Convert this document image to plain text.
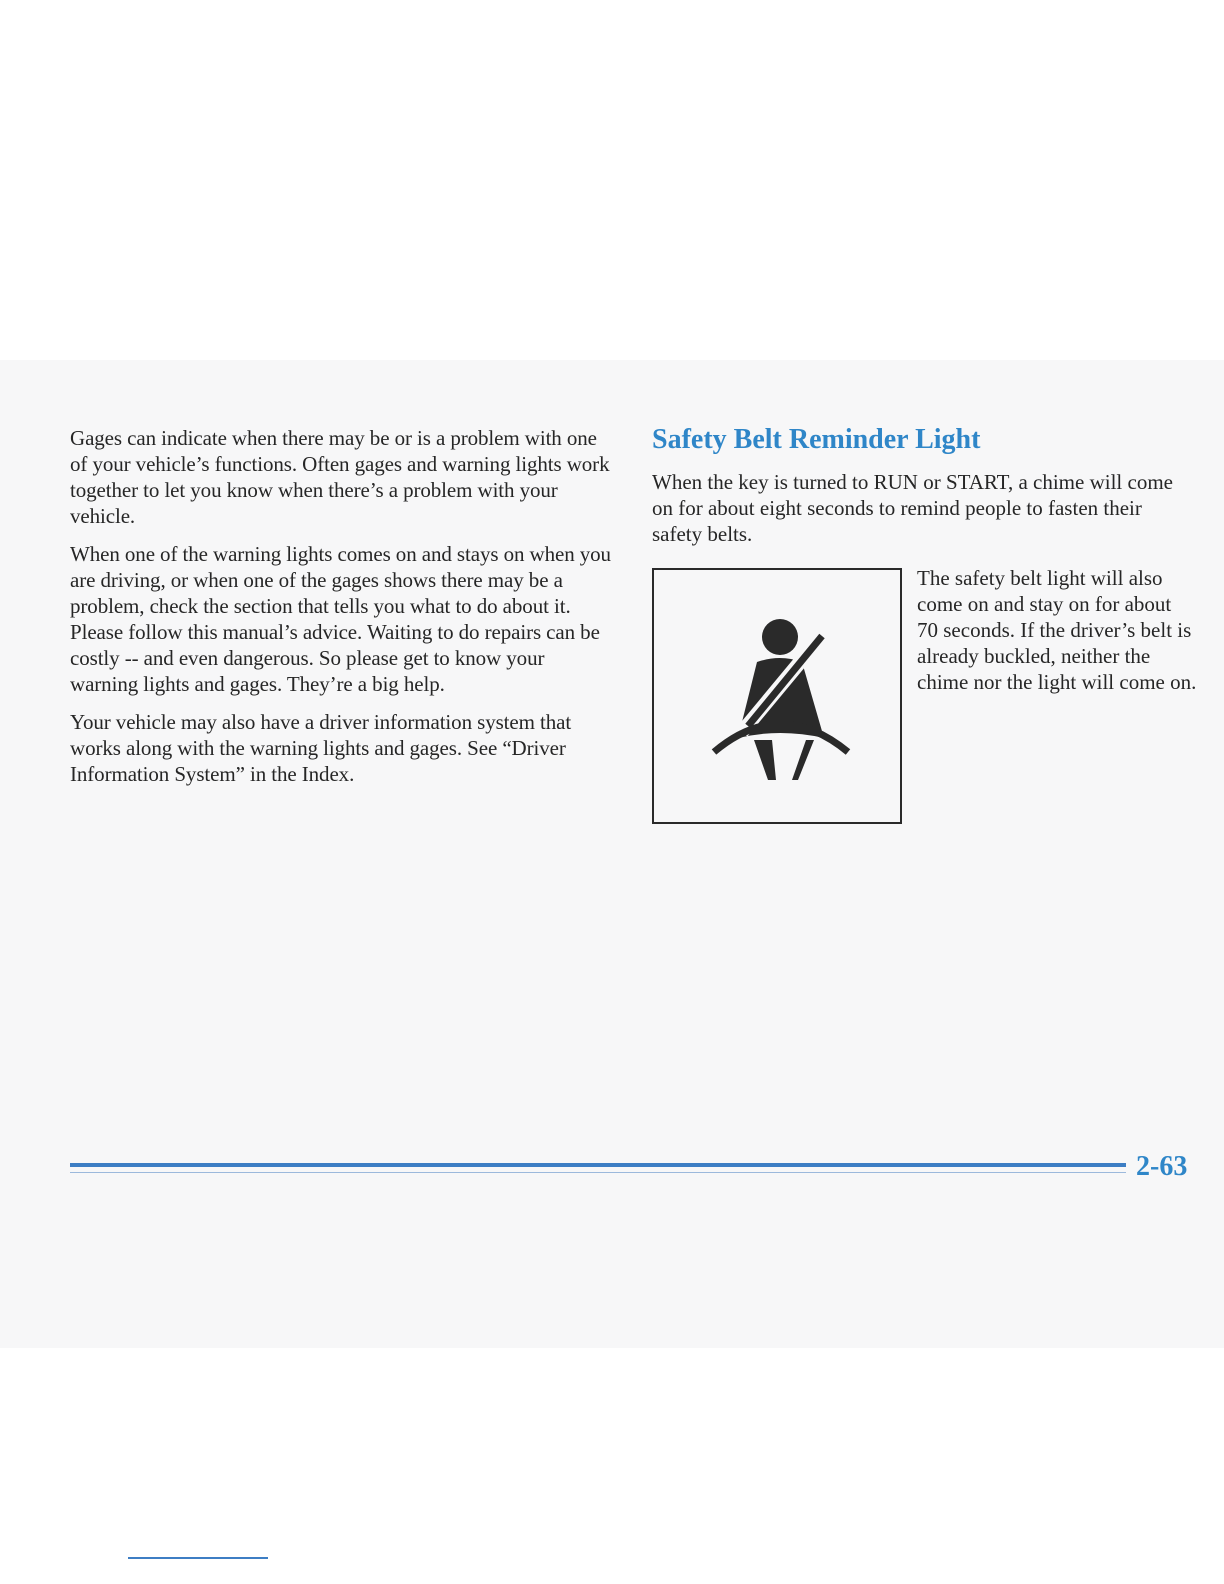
Gages can indicate when there may be or is a problem with one of your vehicle’s functions. Often gages and warning lights work together to let you know when there’s a problem with your vehicle.

When one of the warning lights comes on and stays on when you are driving, or when one of the gages shows there may be a problem, check the section that tells you what to do about it. Please follow this manual’s advice. Waiting to do repairs can be costly -- and even dangerous. So please get to know your warning lights and gages. They’re a big help.

Your vehicle may also have a driver information system that works along with the warning lights and gages. See “Driver Information System” in the Index.

Safety Belt Reminder Light

When the key is turned to RUN or START, a chime will come on for about eight seconds to remind people to fasten their safety belts.

The safety belt light will also come on and stay on for about 70 seconds. If the driver’s belt is already buckled, neither the chime nor the light will come on.

2-63
